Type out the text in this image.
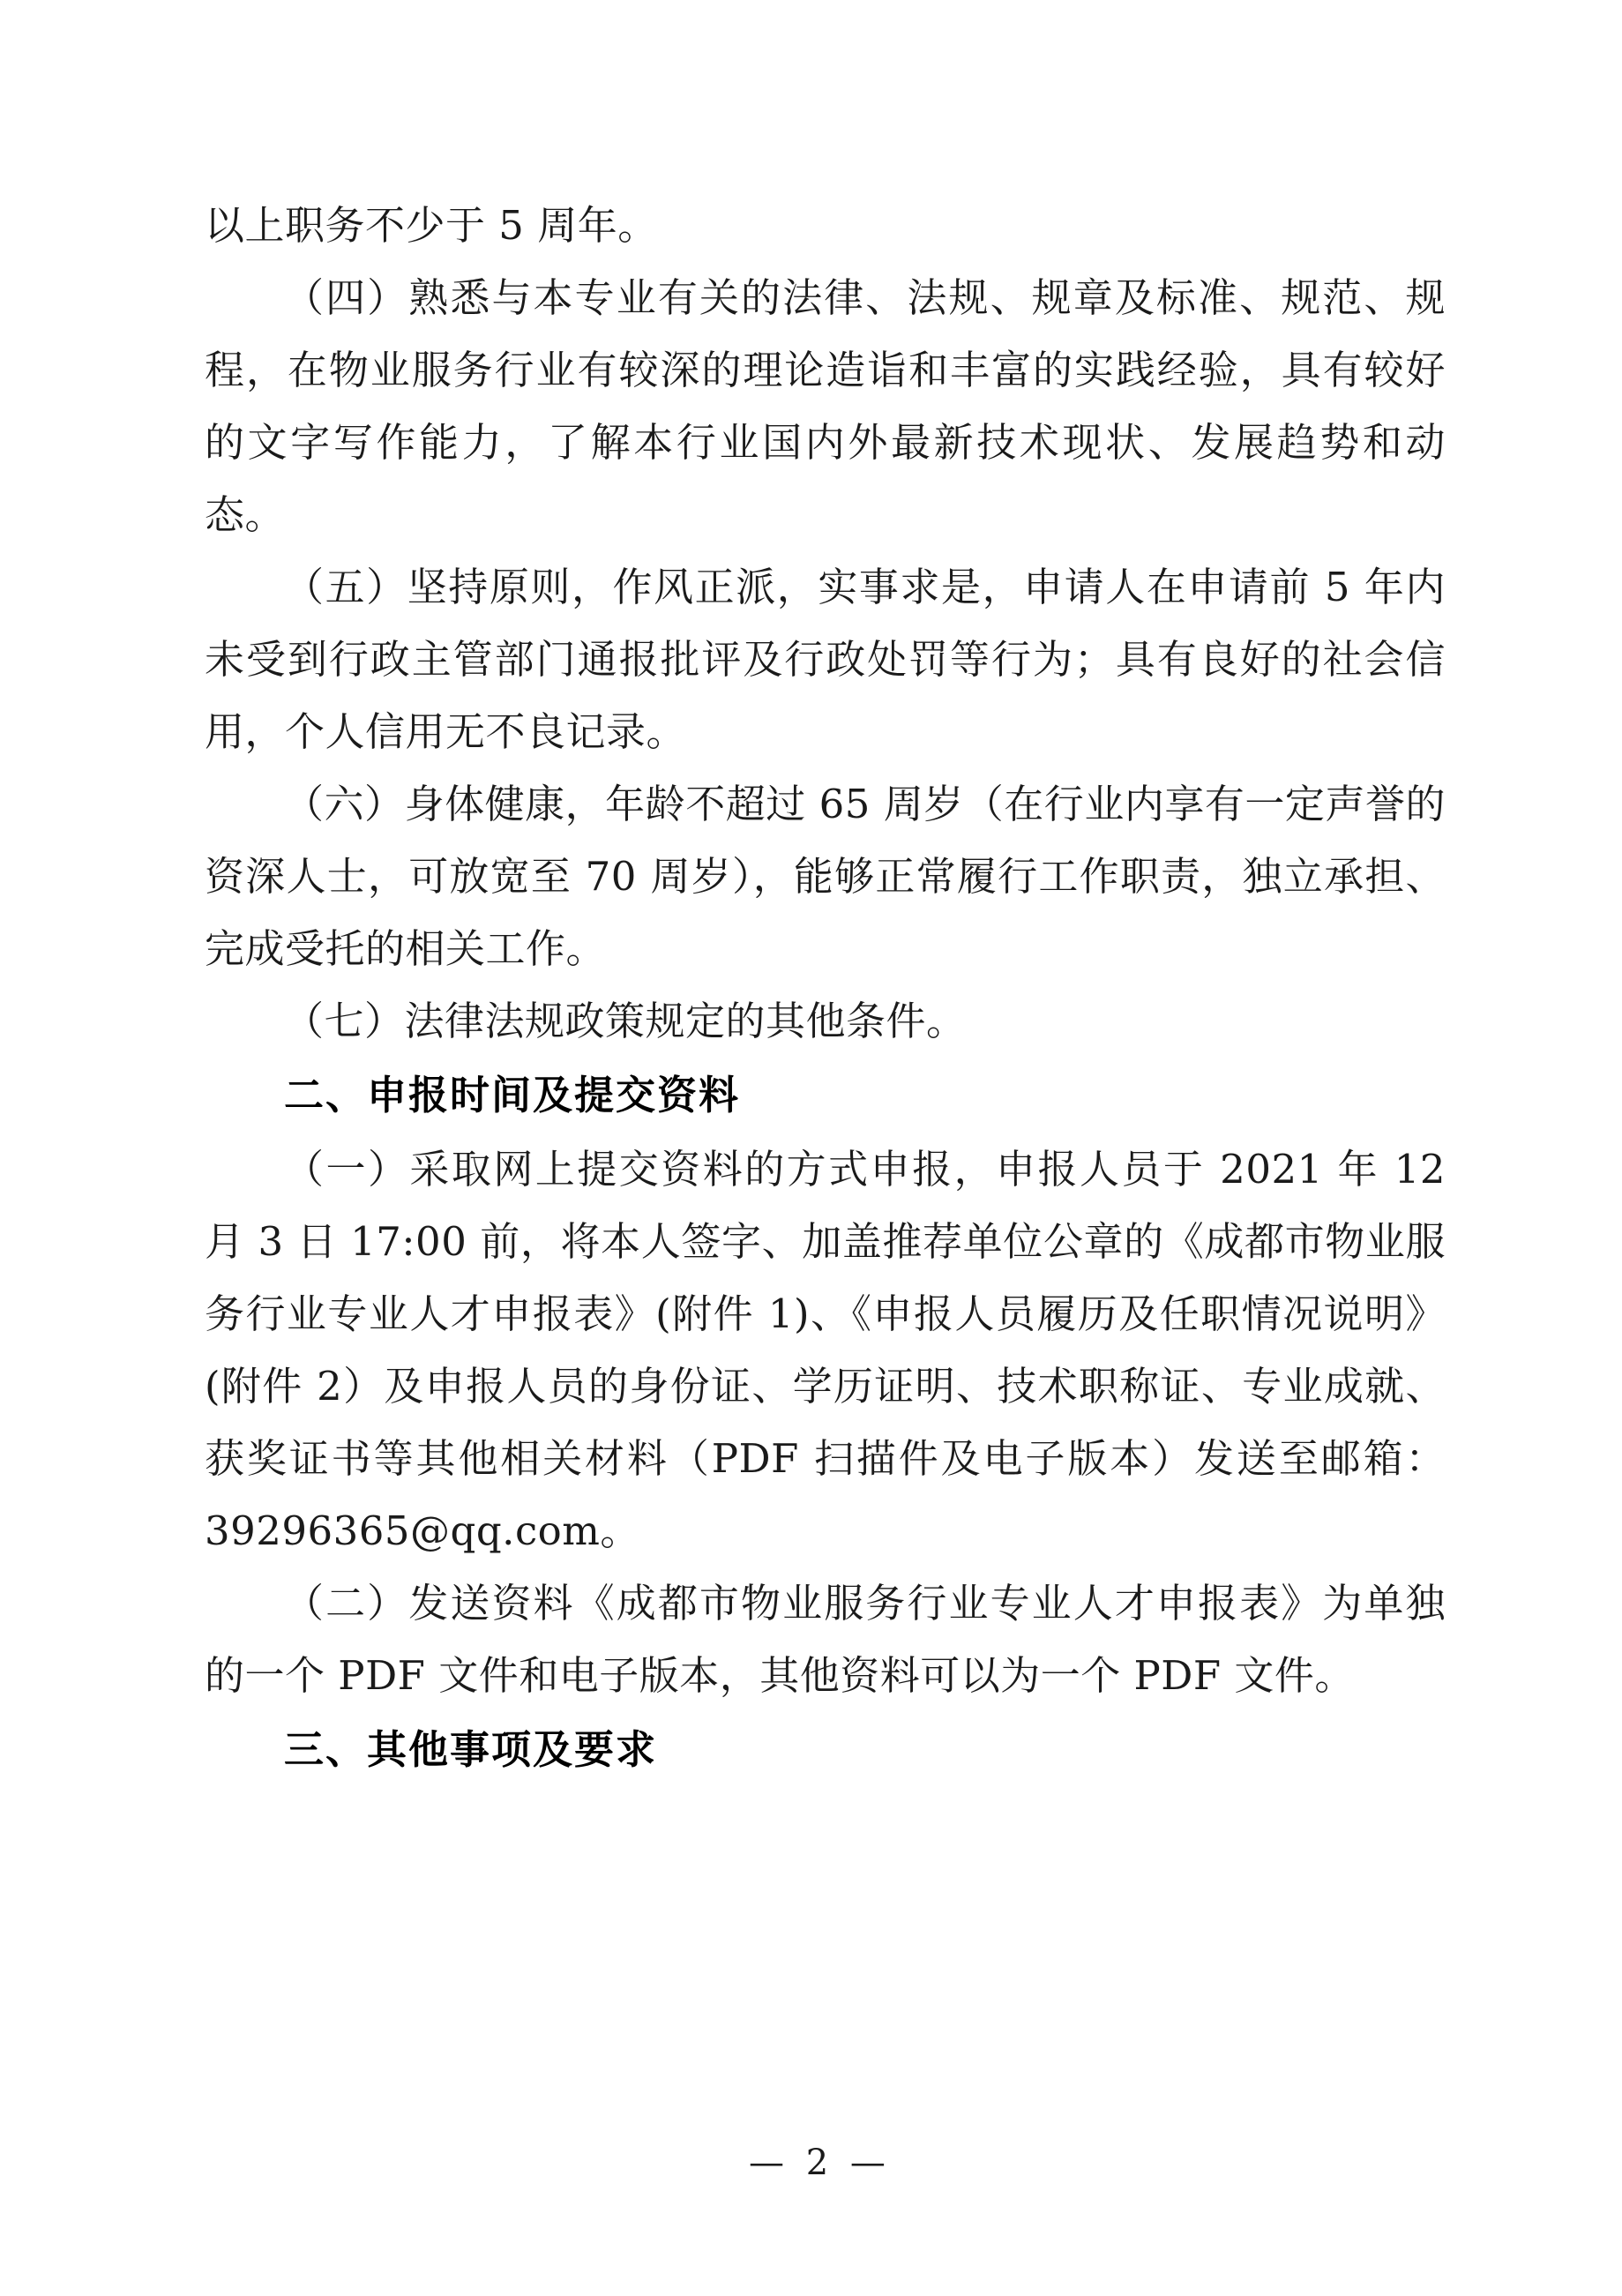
以上职务不少于 5 周年。

（四）熟悉与本专业有关的法律、法规、规章及标准、规范、规程，在物业服务行业有较深的理论造诣和丰富的实践经验，具有较好的文字写作能力，了解本行业国内外最新技术现状、发展趋势和动态。

（五）坚持原则，作风正派，实事求是，申请人在申请前 5 年内未受到行政主管部门通报批评及行政处罚等行为；具有良好的社会信用，个人信用无不良记录。

（六）身体健康，年龄不超过 65 周岁（在行业内享有一定声誉的资深人士，可放宽至 70 周岁），能够正常履行工作职责，独立承担、完成受托的相关工作。

（七）法律法规政策规定的其他条件。

二、申报时间及提交资料

（一）采取网上提交资料的方式申报，申报人员于 2021 年 12 月 3 日 17:00 前，将本人签字、加盖推荐单位公章的《成都市物业服务行业专业人才申报表》(附件 1)、《申报人员履历及任职情况说明》(附件 2）及申报人员的身份证、学历证明、技术职称证、专业成就、获奖证书等其他相关材料（PDF 扫描件及电子版本）发送至邮箱：39296365@qq.com。

（二）发送资料《成都市物业服务行业专业人才申报表》为单独的一个 PDF 文件和电子版本，其他资料可以为一个 PDF 文件。

三、其他事项及要求
— 2 —
